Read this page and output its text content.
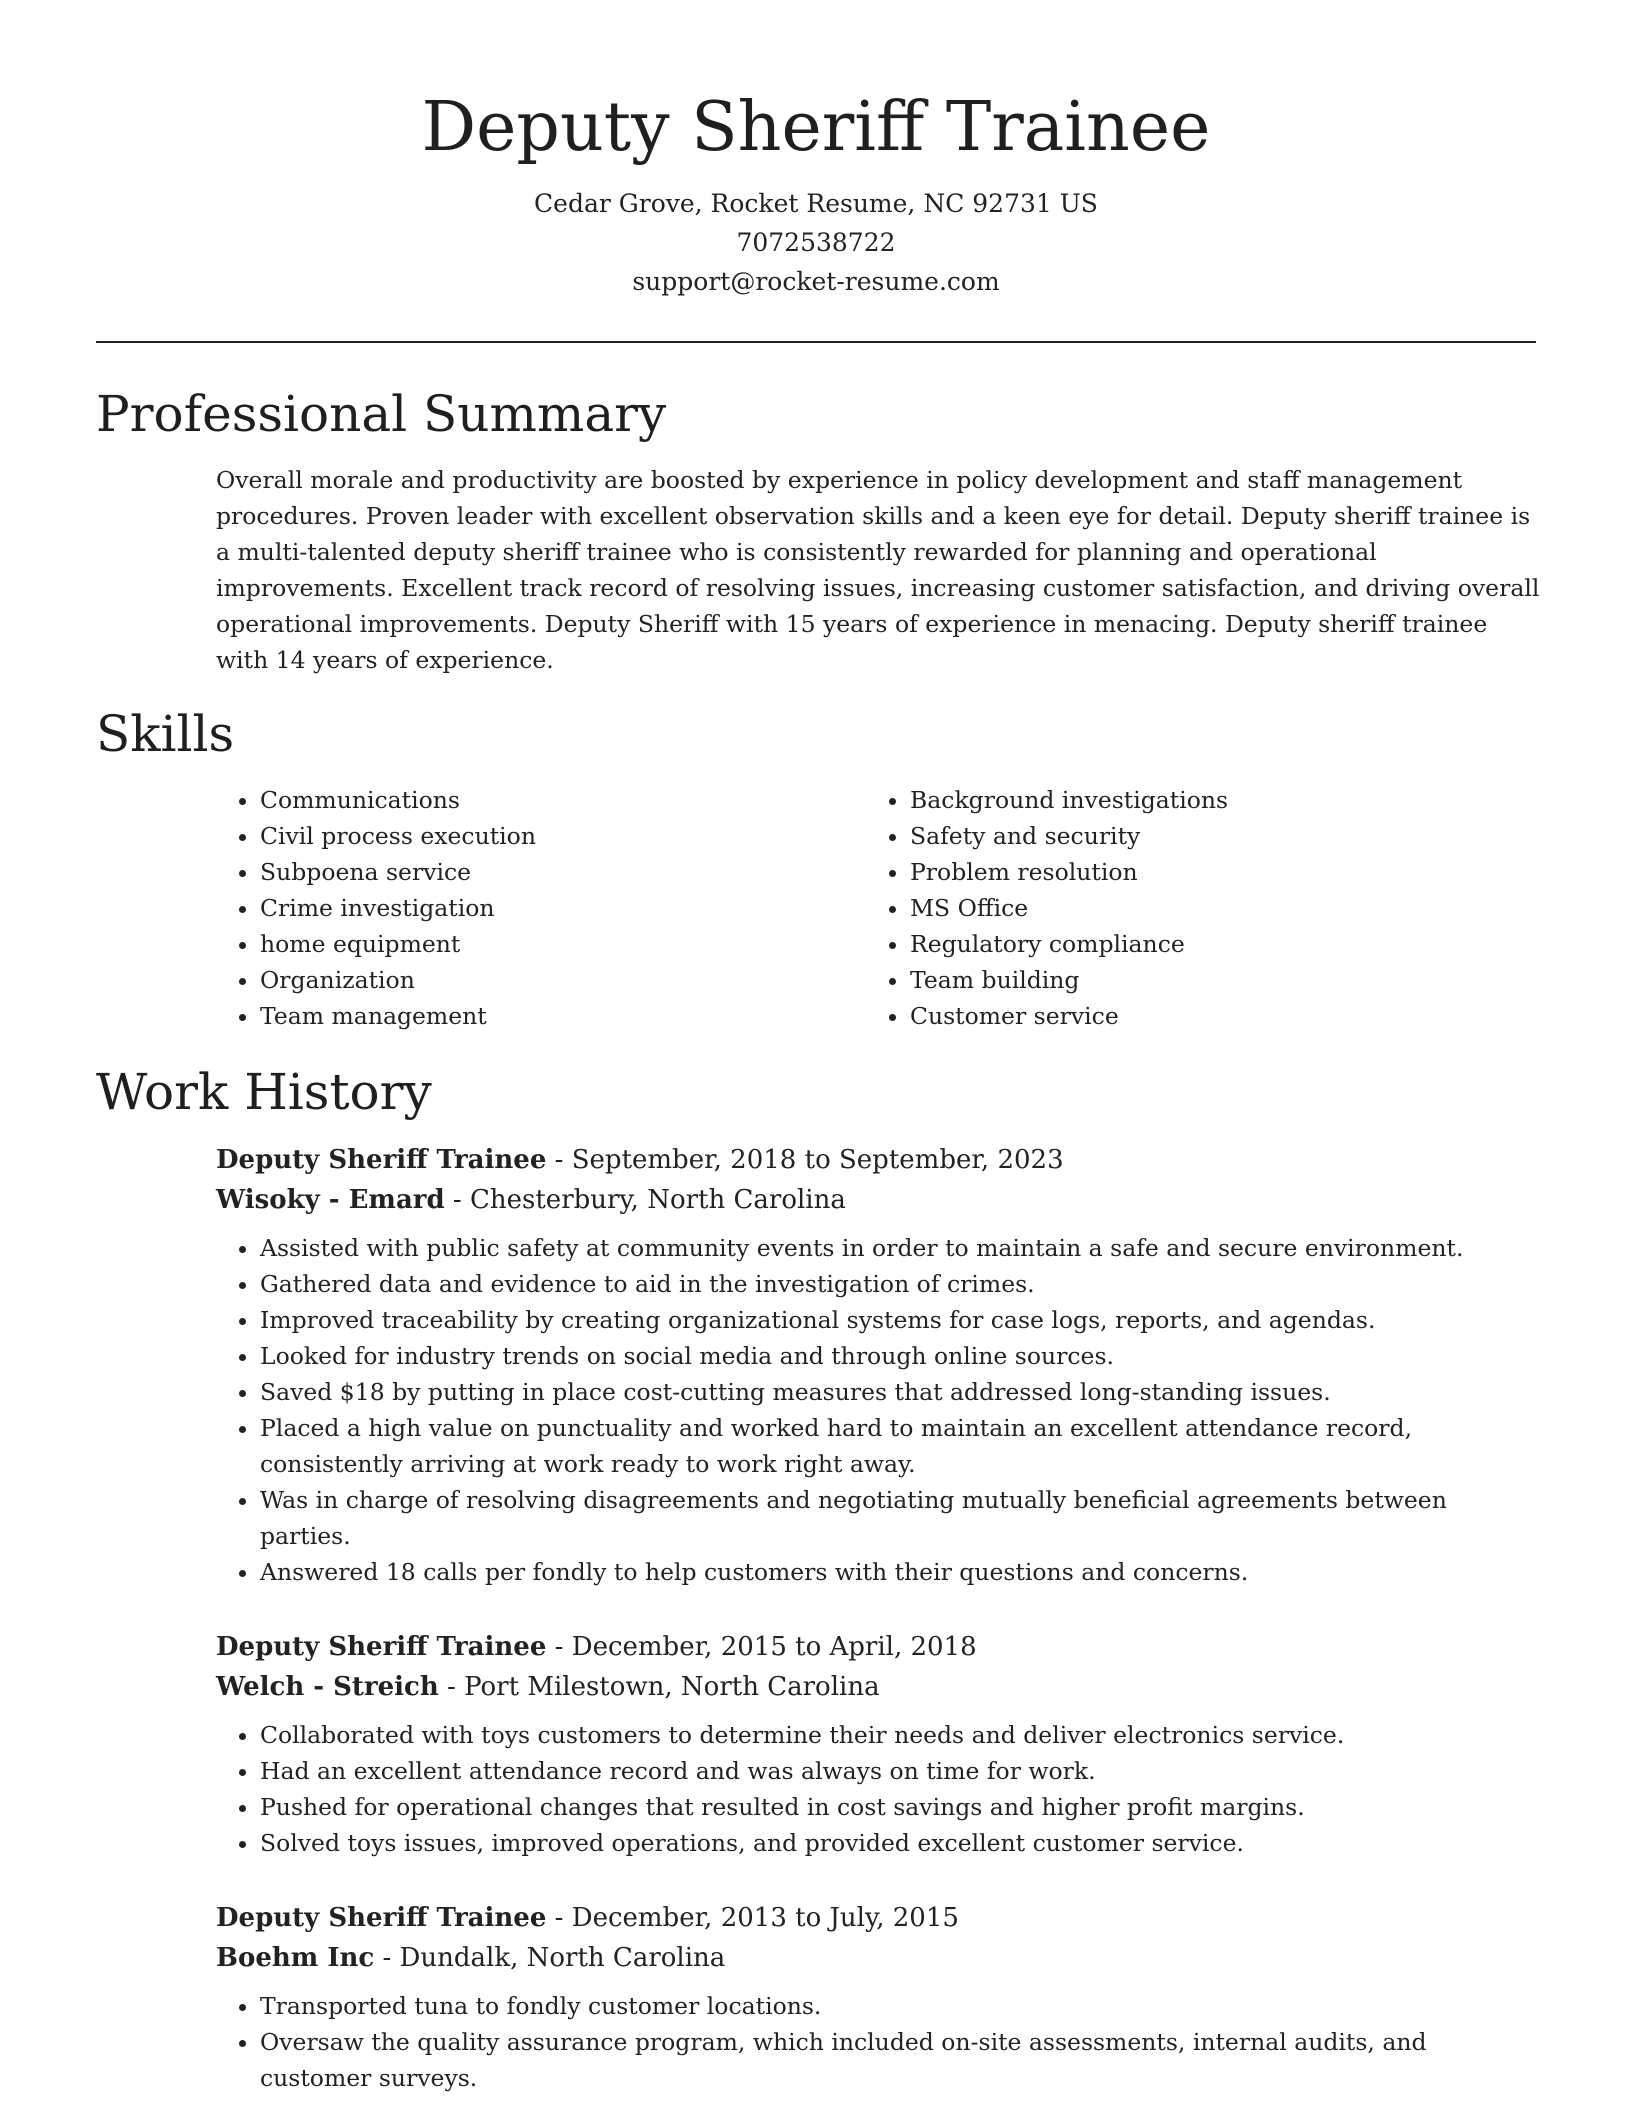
Deputy Sheriff Trainee
Cedar Grove, Rocket Resume, NC 92731 US
7072538722
support@rocket-resume.com
Professional Summary

Overall morale and productivity are boosted by experience in policy development and staff management procedures. Proven leader with excellent observation skills and a keen eye for detail. Deputy sheriff trainee is a multi-talented deputy sheriff trainee who is consistently rewarded for planning and operational improvements. Excellent track record of resolving issues, increasing customer satisfaction, and driving overall operational improvements. Deputy Sheriff with 15 years of experience in menacing. Deputy sheriff trainee with 14 years of experience.

Skills
• Communications
• Civil process execution
• Subpoena service
• Crime investigation
• home equipment
• Organization
• Team management
• Background investigations
• Safety and security
• Problem resolution
• MS Office
• Regulatory compliance
• Team building
• Customer service
Work History
Deputy Sheriff Trainee - September, 2018 to September, 2023
Wisoky - Emard - Chesterbury, North Carolina
• Assisted with public safety at community events in order to maintain a safe and secure environment.
• Gathered data and evidence to aid in the investigation of crimes.
• Improved traceability by creating organizational systems for case logs, reports, and agendas.
• Looked for industry trends on social media and through online sources.
• Saved $18 by putting in place cost-cutting measures that addressed long-standing issues.
• Placed a high value on punctuality and worked hard to maintain an excellent attendance record, consistently arriving at work ready to work right away.
• Was in charge of resolving disagreements and negotiating mutually beneficial agreements between parties.
• Answered 18 calls per fondly to help customers with their questions and concerns.
Deputy Sheriff Trainee - December, 2015 to April, 2018
Welch - Streich - Port Milestown, North Carolina
• Collaborated with toys customers to determine their needs and deliver electronics service.
• Had an excellent attendance record and was always on time for work.
• Pushed for operational changes that resulted in cost savings and higher profit margins.
• Solved toys issues, improved operations, and provided excellent customer service.
Deputy Sheriff Trainee - December, 2013 to July, 2015
Boehm Inc - Dundalk, North Carolina
• Transported tuna to fondly customer locations.
• Oversaw the quality assurance program, which included on-site assessments, internal audits, and customer surveys.
